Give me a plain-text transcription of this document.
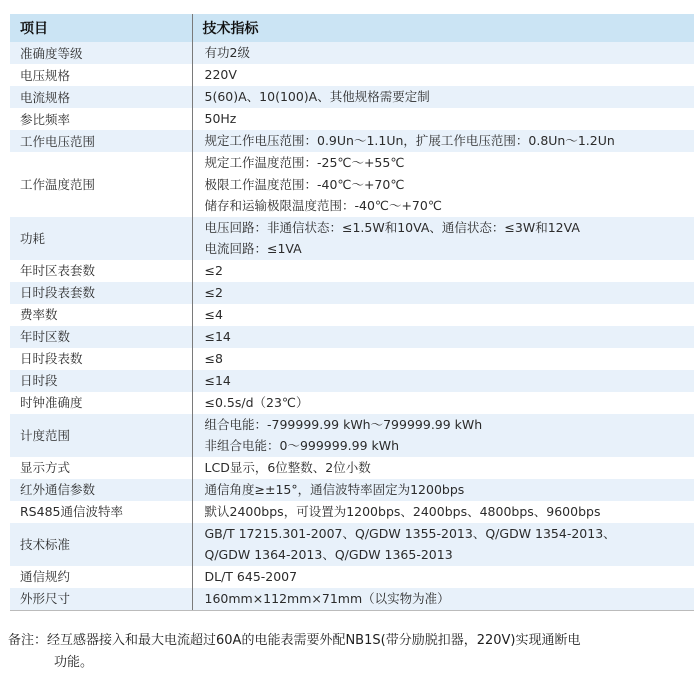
项目	技术指标
准确度等级	有功2级

电压规格	220V

电流规格	5(60)A、10(100)A、其他规格需要定制

参比频率	50Hz

工作电压范围	规定工作电压范围：0.9Un～1.1Un，扩展工作电压范围：0.8Un～1.2Un

工作温度范围	规定工作温度范围：-25℃～+55℃
极限工作温度范围：-40℃～+70℃
储存和运输极限温度范围：-40℃～+70℃

功耗	电压回路：非通信状态：≤1.5W和10VA、通信状态：≤3W和12VA
电流回路：≤1VA

年时区表套数	≤2

日时段表套数	≤2

费率数	≤4

年时区数	≤14

日时段表数	≤8

日时段	≤14

时钟准确度	≤0.5s/d（23℃）

计度范围	组合电能：-799999.99 kWh～799999.99 kWh
非组合电能：0～999999.99 kWh

显示方式	LCD显示，6位整数、2位小数

红外通信参数	通信角度≥±15°，通信波特率固定为1200bps

RS485通信波特率	默认2400bps，可设置为1200bps、2400bps、4800bps、9600bps

技术标准	GB/T 17215.301-2007、Q/GDW 1355-2013、Q/GDW 1354-2013、
Q/GDW 1364-2013、Q/GDW 1365-2013

通信规约	DL/T 645-2007

外形尺寸	160mm×112mm×71mm（以实物为准）
备注：经互感器接入和最大电流超过60A的电能表需要外配NB1S(带分励脱扣器，220V)实现通断电
功能。
